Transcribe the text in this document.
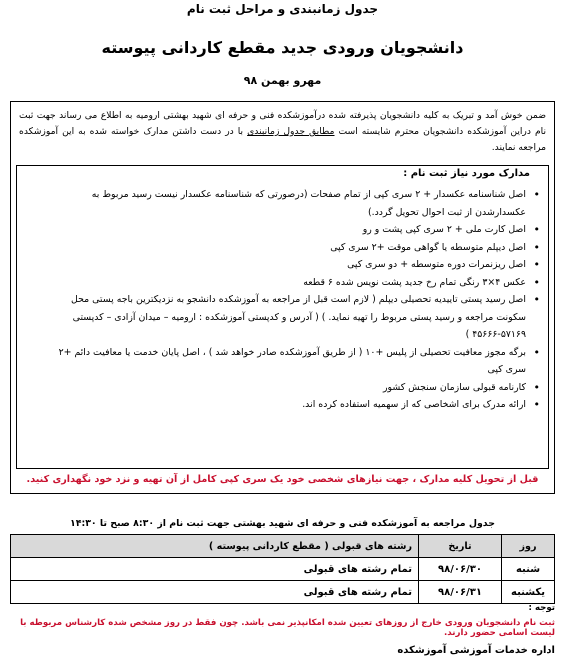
جدول زمانبندی و مراحل ثبت نام
دانشجویان ورودی جدید مقطع کاردانی پیوسته
مهرو بهمن ۹۸
ضمن خوش آمد و تبریک به کلیه دانشجویان پذیرفته شده درآموزشکده فنی و حرفه ای شهید بهشتی ارومیه به اطلاع می رساند جهت ثبت نام دراین آموزشکده دانشجویان محترم شایسته است مطابق جدول زمانبندی با در دست داشتن مدارک خواسته شده به این آموزشکده مراجعه نمایند.
مدارک مورد نیاز ثبت نام :
• اصل شناسنامه عکسدار + ۲ سری کپی از تمام صفحات (درصورتی که شناسنامه عکسدار نیست رسید مربوط به عکسدارشدن از ثبت احوال تحویل گردد.)
• اصل کارت ملی + ۲ سری کپی پشت و رو
• اصل دیپلم متوسطه یا گواهی موقت +۲ سری کپی
• اصل ریزنمرات دوره متوسطه + دو سری کپی
• عکس ۴×۳ رنگی تمام رخ جدید پشت نویس شده ۶ قطعه
• اصل رسید پستی تاییدیه تحصیلی دیپلم ( لازم است قبل از مراجعه به آموزشکده دانشجو به نزدیکترین باجه پستی محل سکونت مراجعه و رسید پستی مربوط را تهیه نماید. ) ( آدرس و کدپستی آموزشکده : ارومیه – میدان آزادی – کدپستی ۵۷۱۶۹-۴۵۶۶۶ )
• برگه مجوز معافیت تحصیلی از پلیس +۱۰ ( از طریق آموزشکده صادر خواهد شد ) ، اصل پایان خدمت یا معافیت دائم +۲ سری کپی
• کارنامه قبولی سازمان سنجش کشور
• ارائه مدرک برای اشخاصی که از سهمیه استفاده کرده اند.
قبل از تحویل کلیه مدارک ، جهت نیازهای شخصی خود یک سری کپی کامل از آن تهیه و نزد خود نگهداری کنید.
جدول مراجعه به آموزشکده فنی و حرفه ای شهید بهشتی جهت ثبت نام از ۸:۳۰ صبح تا ۱۴:۳۰
روز	تاریخ	رشته های قبولی ( مقطع کاردانی پیوسته )
شنبه	۹۸/۰۶/۳۰	تمام رشته های قبولی
یکشنبه	۹۸/۰۶/۳۱	تمام رشته های قبولی
توجه :
ثبت نام دانشجویان ورودی خارج از روزهای تعیین شده امکانپذیر نمی باشد. چون فقط در روز مشخص شده کارشناس مربوطه با لیست اسامی حضور دارند.
اداره خدمات آموزشی آموزشکده
